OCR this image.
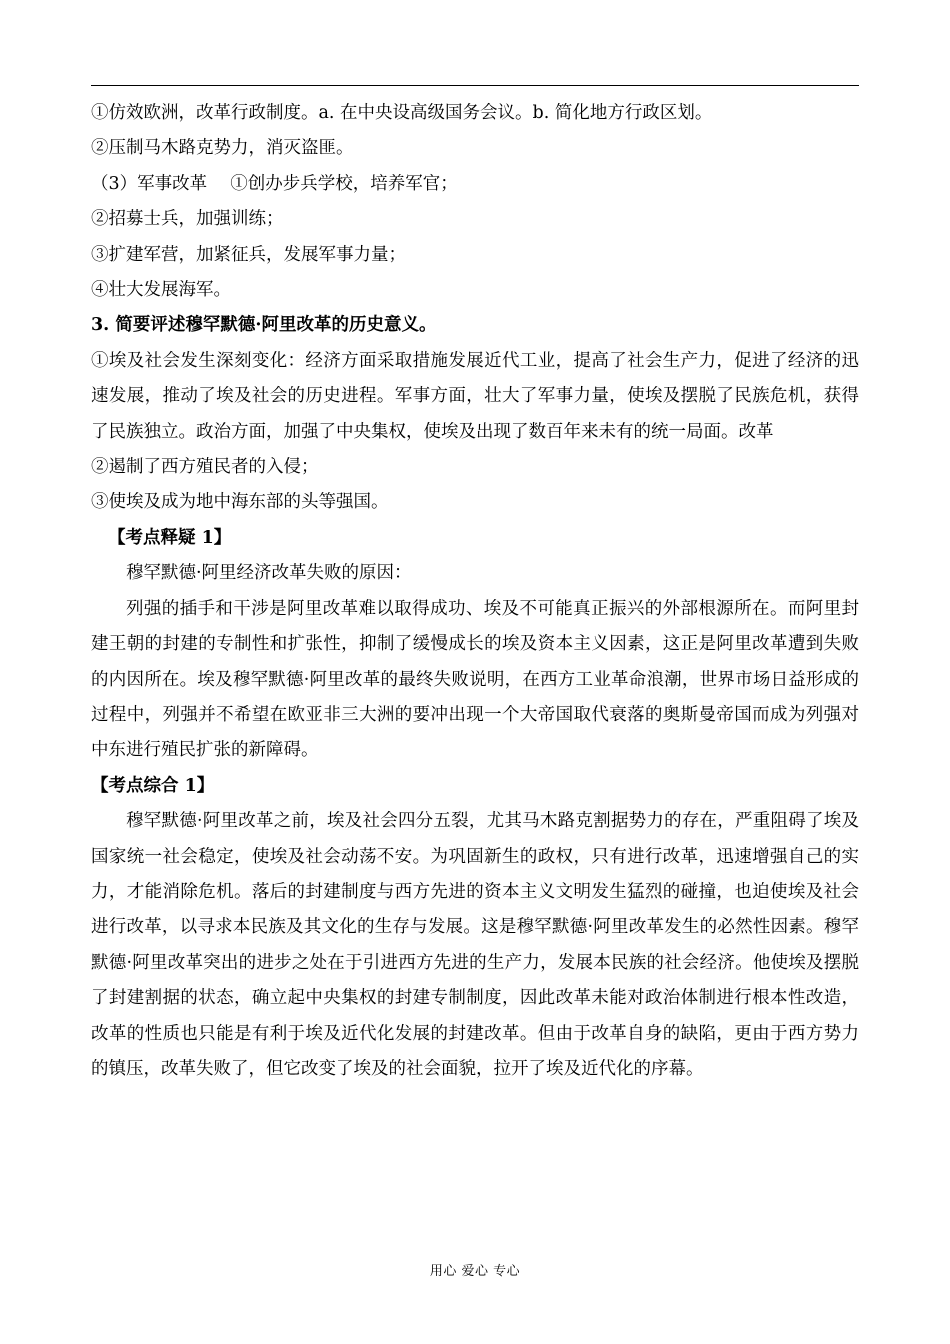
①仿效欧洲，改革行政制度。a. 在中央设高级国务会议。b. 简化地方行政区划。

②压制马木路克势力，消灭盗匪。

（3）军事改革　 ①创办步兵学校，培养军官；

②招募士兵，加强训练；

③扩建军营，加紧征兵，发展军事力量；

④壮大发展海军。

3. 简要评述穆罕默德·阿里改革的历史意义。

①埃及社会发生深刻变化：经济方面采取措施发展近代工业，提高了社会生产力，促进了经济的迅速发展，推动了埃及社会的历史进程。军事方面，壮大了军事力量，使埃及摆脱了民族危机，获得了民族独立。政治方面，加强了中央集权，使埃及出现了数百年来未有的统一局面。改革

②遏制了西方殖民者的入侵；

③使埃及成为地中海东部的头等强国。

【考点释疑 1】

穆罕默德·阿里经济改革失败的原因：

列强的插手和干涉是阿里改革难以取得成功、埃及不可能真正振兴的外部根源所在。而阿里封建王朝的封建的专制性和扩张性，抑制了缓慢成长的埃及资本主义因素，这正是阿里改革遭到失败的内因所在。埃及穆罕默德·阿里改革的最终失败说明，在西方工业革命浪潮，世界市场日益形成的过程中，列强并不希望在欧亚非三大洲的要冲出现一个大帝国取代衰落的奥斯曼帝国而成为列强对中东进行殖民扩张的新障碍。

【考点综合 1】

穆罕默德·阿里改革之前，埃及社会四分五裂，尤其马木路克割据势力的存在，严重阻碍了埃及国家统一社会稳定，使埃及社会动荡不安。为巩固新生的政权，只有进行改革，迅速增强自己的实力，才能消除危机。落后的封建制度与西方先进的资本主义文明发生猛烈的碰撞，也迫使埃及社会进行改革，以寻求本民族及其文化的生存与发展。这是穆罕默德·阿里改革发生的必然性因素。穆罕默德·阿里改革突出的进步之处在于引进西方先进的生产力，发展本民族的社会经济。他使埃及摆脱了封建割据的状态，确立起中央集权的封建专制制度，因此改革未能对政治体制进行根本性改造，改革的性质也只能是有利于埃及近代化发展的封建改革。但由于改革自身的缺陷，更由于西方势力的镇压，改革失败了，但它改变了埃及的社会面貌，拉开了埃及近代化的序幕。

用心 爱心 专心
